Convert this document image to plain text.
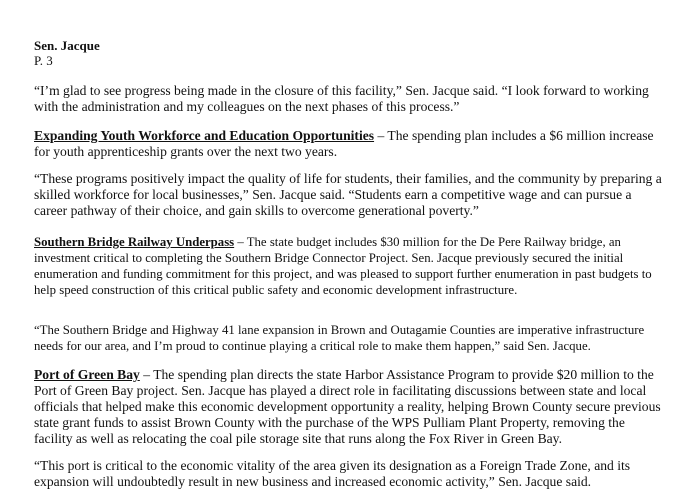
Sen. Jacque
P. 3

“I’m glad to see progress being made in the closure of this facility,” Sen. Jacque said. “I look forward to working with the administration and my colleagues on the next phases of this process.”

Expanding Youth Workforce and Education Opportunities – The spending plan includes a $6 million increase for youth apprenticeship grants over the next two years.

“These programs positively impact the quality of life for students, their families, and the community by preparing a skilled workforce for local businesses,” Sen. Jacque said. “Students earn a competitive wage and can pursue a career pathway of their choice, and gain skills to overcome generational poverty.”

Southern Bridge Railway Underpass – The state budget includes $30 million for the De Pere Railway bridge, an investment critical to completing the Southern Bridge Connector Project. Sen. Jacque previously secured the initial enumeration and funding commitment for this project, and was pleased to support further enumeration in past budgets to help speed construction of this critical public safety and economic development infrastructure.

“The Southern Bridge and Highway 41 lane expansion in Brown and Outagamie Counties are imperative infrastructure needs for our area, and I’m proud to continue playing a critical role to make them happen,” said Sen. Jacque.

Port of Green Bay – The spending plan directs the state Harbor Assistance Program to provide $20 million to the Port of Green Bay project. Sen. Jacque has played a direct role in facilitating discussions between state and local officials that helped make this economic development opportunity a reality, helping Brown County secure previous state grant funds to assist Brown County with the purchase of the WPS Pulliam Plant Property, removing the facility as well as relocating the coal pile storage site that runs along the Fox River in Green Bay.

“This port is critical to the economic vitality of the area given its designation as a Foreign Trade Zone, and its expansion will undoubtedly result in new business and increased economic activity,” Sen. Jacque said.
